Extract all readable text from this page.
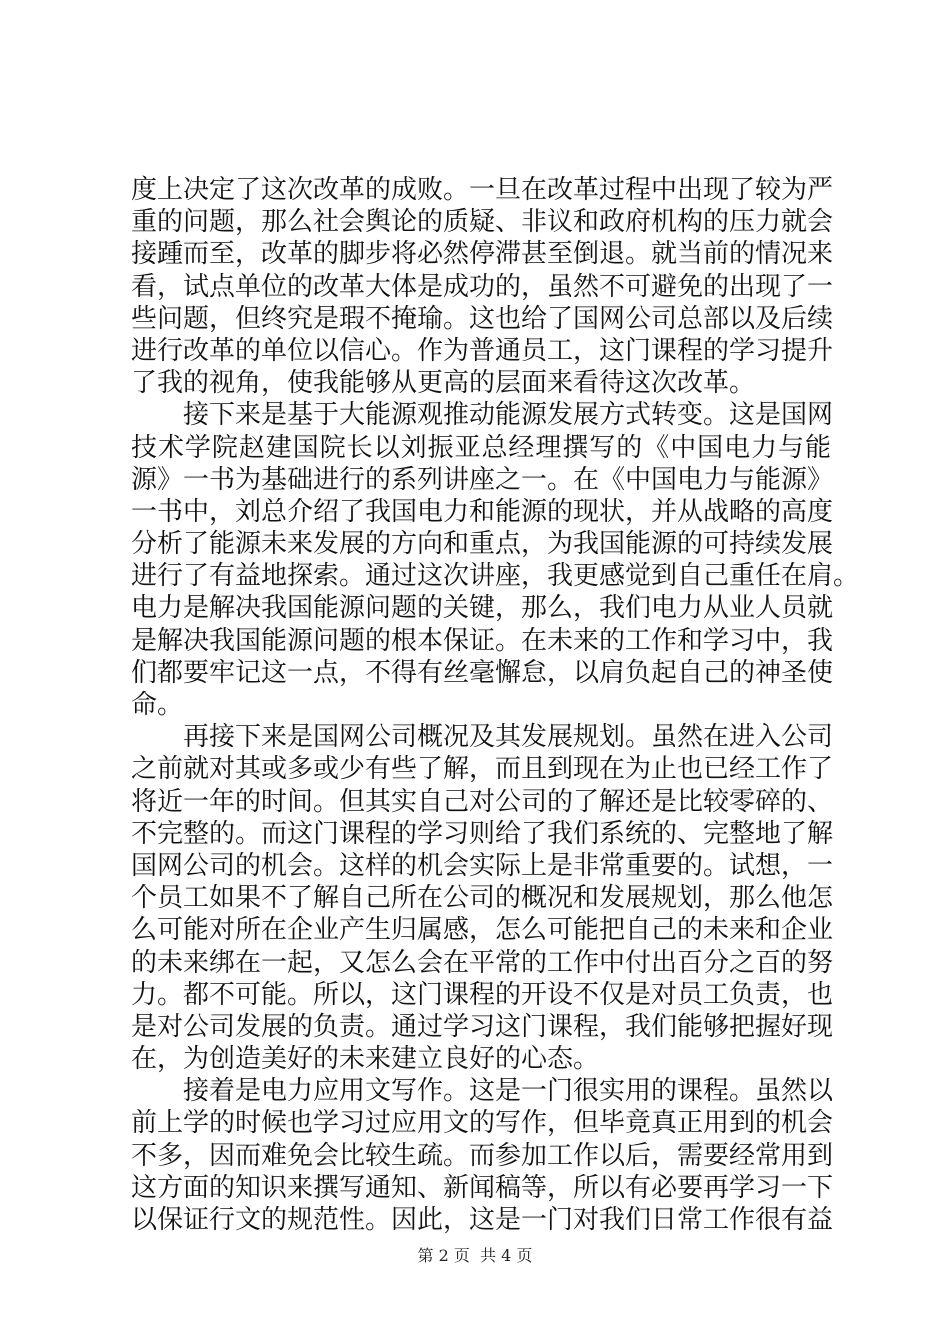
度上决定了这次改革的成败。一旦在改革过程中出现了较为严
重的问题，那么社会舆论的质疑、非议和政府机构的压力就会
接踵而至，改革的脚步将必然停滞甚至倒退。就当前的情况来
看，试点单位的改革大体是成功的，虽然不可避免的出现了一
些问题，但终究是瑕不掩瑜。这也给了国网公司总部以及后续
进行改革的单位以信心。作为普通员工，这门课程的学习提升
了我的视角，使我能够从更高的层面来看待这次改革。
接下来是基于大能源观推动能源发展方式转变。这是国网
技术学院赵建国院长以刘振亚总经理撰写的《中国电力与能
源》一书为基础进行的系列讲座之一。在《中国电力与能源》
一书中，刘总介绍了我国电力和能源的现状，并从战略的高度
分析了能源未来发展的方向和重点，为我国能源的可持续发展
进行了有益地探索。通过这次讲座，我更感觉到自己重任在肩。
电力是解决我国能源问题的关键，那么，我们电力从业人员就
是解决我国能源问题的根本保证。在未来的工作和学习中，我
们都要牢记这一点，不得有丝毫懈怠，以肩负起自己的神圣使
命。
再接下来是国网公司概况及其发展规划。虽然在进入公司
之前就对其或多或少有些了解，而且到现在为止也已经工作了
将近一年的时间。但其实自己对公司的了解还是比较零碎的、
不完整的。而这门课程的学习则给了我们系统的、完整地了解
国网公司的机会。这样的机会实际上是非常重要的。试想，一
个员工如果不了解自己所在公司的概况和发展规划，那么他怎
么可能对所在企业产生归属感，怎么可能把自己的未来和企业
的未来绑在一起，又怎么会在平常的工作中付出百分之百的努
力。都不可能。所以，这门课程的开设不仅是对员工负责，也
是对公司发展的负责。通过学习这门课程，我们能够把握好现
在，为创造美好的未来建立良好的心态。
接着是电力应用文写作。这是一门很实用的课程。虽然以
前上学的时候也学习过应用文的写作，但毕竟真正用到的机会
不多，因而难免会比较生疏。而参加工作以后，需要经常用到
这方面的知识来撰写通知、新闻稿等，所以有必要再学习一下
以保证行文的规范性。因此，这是一门对我们日常工作很有益
第 2 页  共 4 页
